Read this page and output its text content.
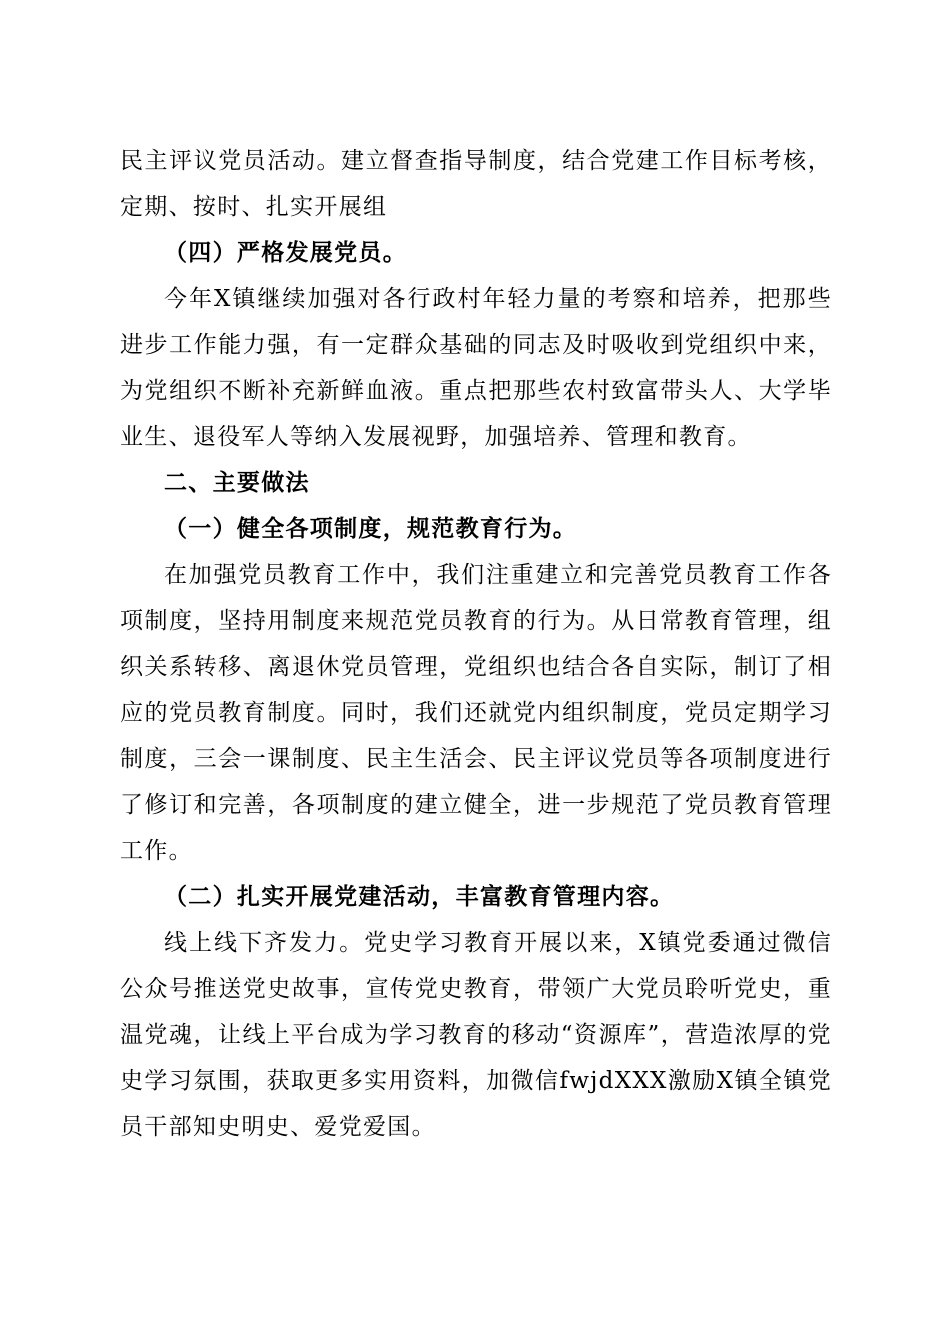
民主评议党员活动。建立督查指导制度，结合党建工作目标考核，定期、按时、扎实开展组

（四）严格发展党员。

今年X镇继续加强对各行政村年轻力量的考察和培养，把那些进步工作能力强，有一定群众基础的同志及时吸收到党组织中来，为党组织不断补充新鲜血液。重点把那些农村致富带头人、大学毕业生、退役军人等纳入发展视野，加强培养、管理和教育。

二、主要做法

（一）健全各项制度，规范教育行为。

在加强党员教育工作中，我们注重建立和完善党员教育工作各项制度，坚持用制度来规范党员教育的行为。从日常教育管理，组织关系转移、离退休党员管理，党组织也结合各自实际，制订了相应的党员教育制度。同时，我们还就党内组织制度，党员定期学习制度，三会一课制度、民主生活会、民主评议党员等各项制度进行了修订和完善，各项制度的建立健全，进一步规范了党员教育管理工作。

（二）扎实开展党建活动，丰富教育管理内容。

线上线下齐发力。党史学习教育开展以来，X镇党委通过微信公众号推送党史故事，宣传党史教育，带领广大党员聆听党史，重温党魂，让线上平台成为学习教育的移动“资源库”，营造浓厚的党史学习氛围，获取更多实用资料，加微信fwjdXXX激励X镇全镇党员干部知史明史、爱党爱国。
